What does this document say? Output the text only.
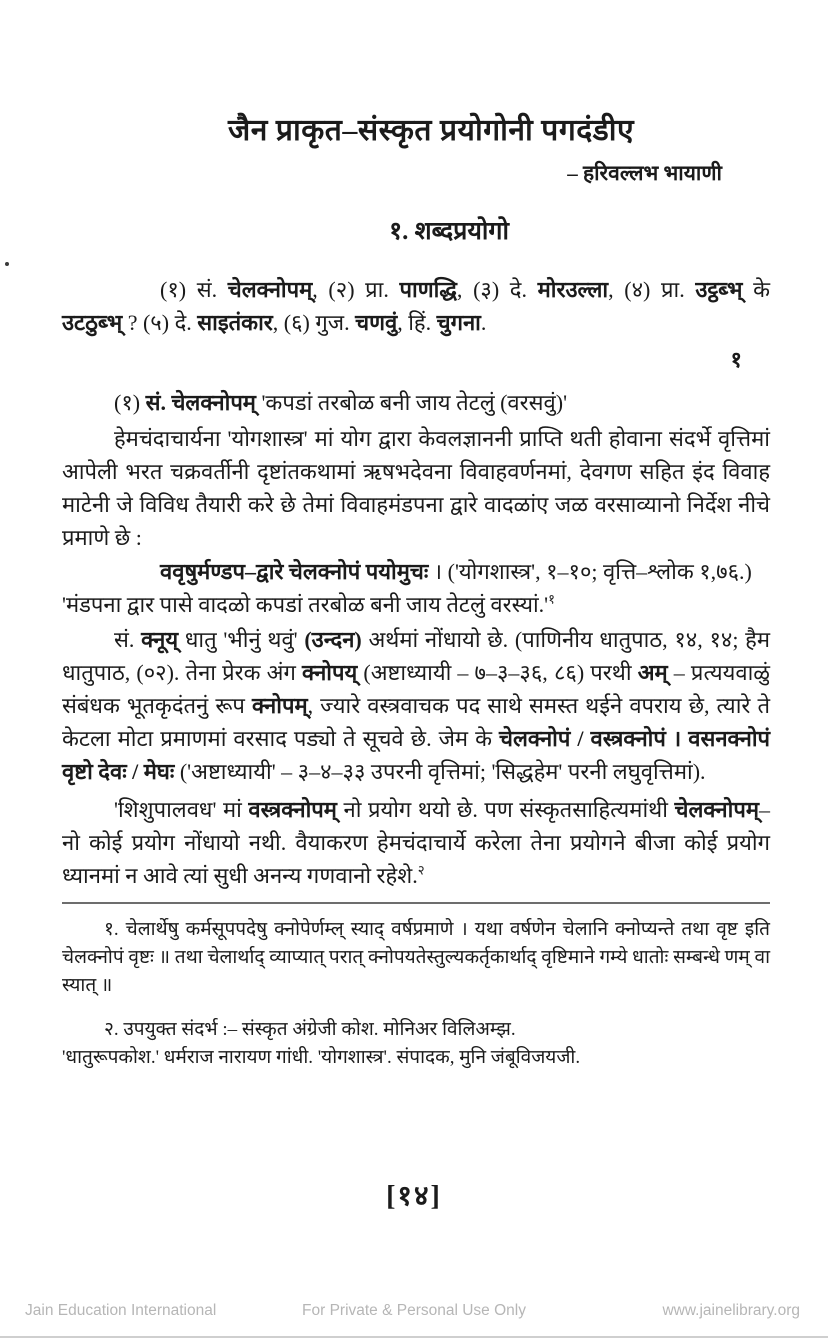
जैन प्राकृत–संस्कृत प्रयोगोनी पगदंडीए
– हरिवल्लभ भायाणी
१. शब्दप्रयोगो

(१) सं. चेलक्नोपम्, (२) प्रा. पाणद्धि, (३) दे. मोरउल्ला, (४) प्रा. उट्ठब्भ् के उटठुब्भ् ? (५) दे. साइतंकार, (६) गुज. चणवुं, हिं. चुगना.

१

(१) सं. चेलक्नोपम् 'कपडां तरबोळ बनी जाय तेटलुं (वरसवुं)'

हेमचंदाचार्यना 'योगशास्त्र' मां योग द्वारा केवलज्ञाननी प्राप्ति थती होवाना संदर्भे वृत्तिमां आपेली भरत चक्रवर्तीनी दृष्टांतकथामां ऋषभदेवना विवाहवर्णनमां, देवगण सहित इंद विवाह माटेनी जे विविध तैयारी करे छे तेमां विवाहमंडपना द्वारे वादळांए जळ वरसाव्यानो निर्देश नीचे प्रमाणे छे :

ववृषुर्मण्डप–द्वारे चेलक्नोपं पयोमुचः । ('योगशास्त्र', १–१०; वृत्ति–श्लोक १,७६.)

'मंडपना द्वार पासे वादळो कपडां तरबोळ बनी जाय तेटलुं $वरस्यां.'^१$

सं. क्नूय् धातु 'भीनुं थवुं' (उन्दन) अर्थमां नोंधायो छे. (पाणिनीय धातुपाठ, १४, १४; हैम धातुपाठ, (०२). तेना प्रेरक अंग क्नोपय् (अष्टाध्यायी – ७–३–३६, ८६) परथी अम् – प्रत्ययवाळुं संबंधक भूतकृदंतनुं रूप क्नोपम्, ज्यारे वस्त्रवाचक पद साथे समस्त थईने वपराय छे, त्यारे ते केटला मोटा प्रमाणमां वरसाद पड्यो ते सूचवे छे. जेम के चेलक्नोपं / वस्त्रक्नोपं । वसनक्नोपं वृष्टो देवः / मेघः ('अष्टाध्यायी' – ३–४–३३ उपरनी वृत्तिमां; 'सिद्धहेम' परनी लघुवृत्तिमां).

'शिशुपालवध' मां वस्त्रक्नोपम् नो प्रयोग थयो छे. पण संस्कृतसाहित्यमांथी चेलक्नोपम्–नो कोई प्रयोग नोंधायो नथी. वैयाकरण हेमचंदाचार्ये करेला तेना प्रयोगने बीजा कोई प्रयोग ध्यानमां न आवे त्यां सुधी अनन्य गणवानो रहेशे.$^२$

१. चेलार्थेषु कर्मसूपपदेषु क्नोपेर्णम्ल् स्याद् वर्षप्रमाणे । यथा वर्षणेन चेलानि क्नोप्यन्ते तथा वृष्ट इति चेलक्नोपं वृष्टः ॥ तथा चेलार्थाद् व्याप्यात् परात् क्नोपयतेस्तुल्यकर्तृकार्थाद् वृष्टिमाने गम्ये धातोः सम्बन्धे णम् वा स्यात् ॥

२. उपयुक्त संदर्भ :– संस्कृत अंग्रेजी कोश. मोनिअर विलिअम्झ.

'धातुरूपकोश.' धर्मराज नारायण गांधी. 'योगशास्त्र'. संपादक, मुनि जंबूविजयजी.

[१४]
Jain Education International	For Private & Personal Use Only	www.jainelibrary.org
